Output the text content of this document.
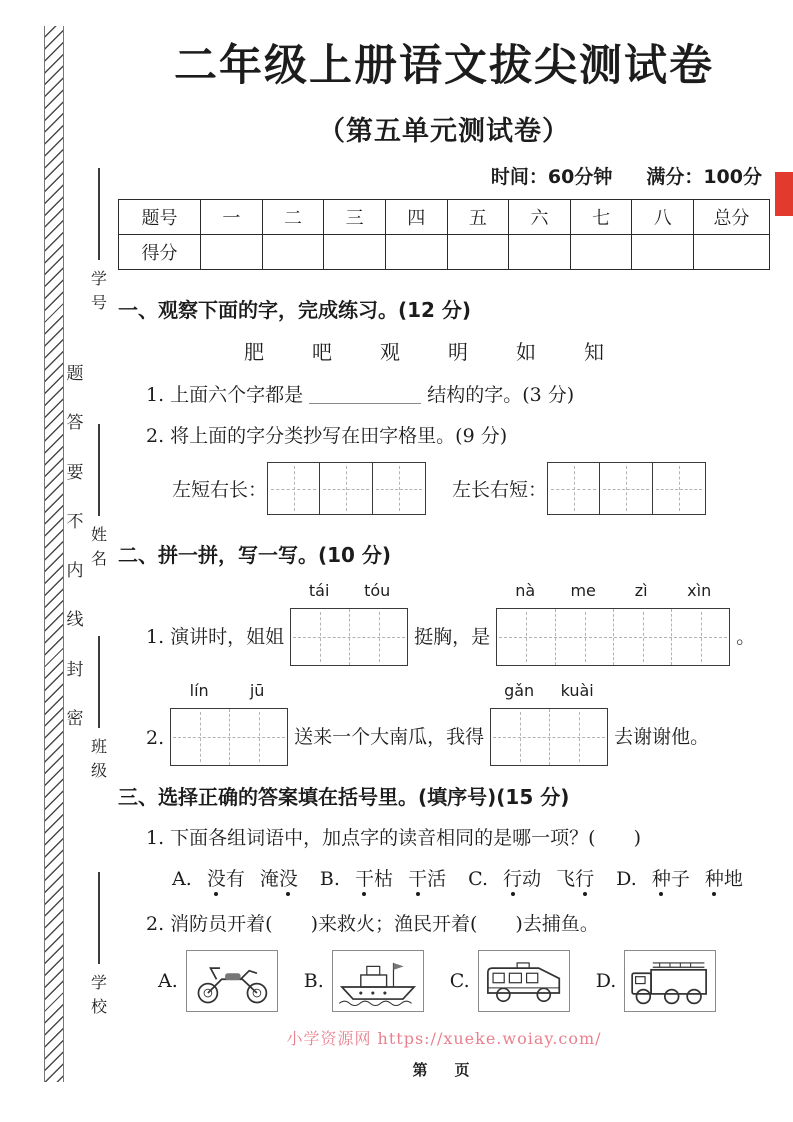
题答要不内线封密
学号
姓名
班级
学校
二年级上册语文拔尖测试卷
（第五单元测试卷）
时间：60分钟 满分：100分
题号	一	二	三	四	五	六	七	八	总分
得分									
一、观察下面的字，完成练习。(12 分)
肥 吧 观 明 如 知
1. 上面六个字都是	结构的字。(3 分)
2. 将上面的字分类抄写在田字格里。(9 分)
左短右长：	左长右短：
二、拼一拼，写一写。(10 分)
1. 演讲时，姐姐
tái	tóu
挺胸，是
nà	me	zì	xìn
。
2.
lín	jū
送来一个大南瓜，我得
gǎn	kuài
去谢谢他。
三、选择正确的答案填在括号里。(填序号)(15 分)
1. 下面各组词语中，加点字的读音相同的是哪一项？(　　)
A. 没有 淹没 B. 干枯 干活 C. 行动 飞行 D. 种子 种地
2. 消防员开着(　　)来救火；渔民开着(　　)去捕鱼。
A.	B.	C.	D.
小学资源网 https://xueke.woiay.com/
第　页
